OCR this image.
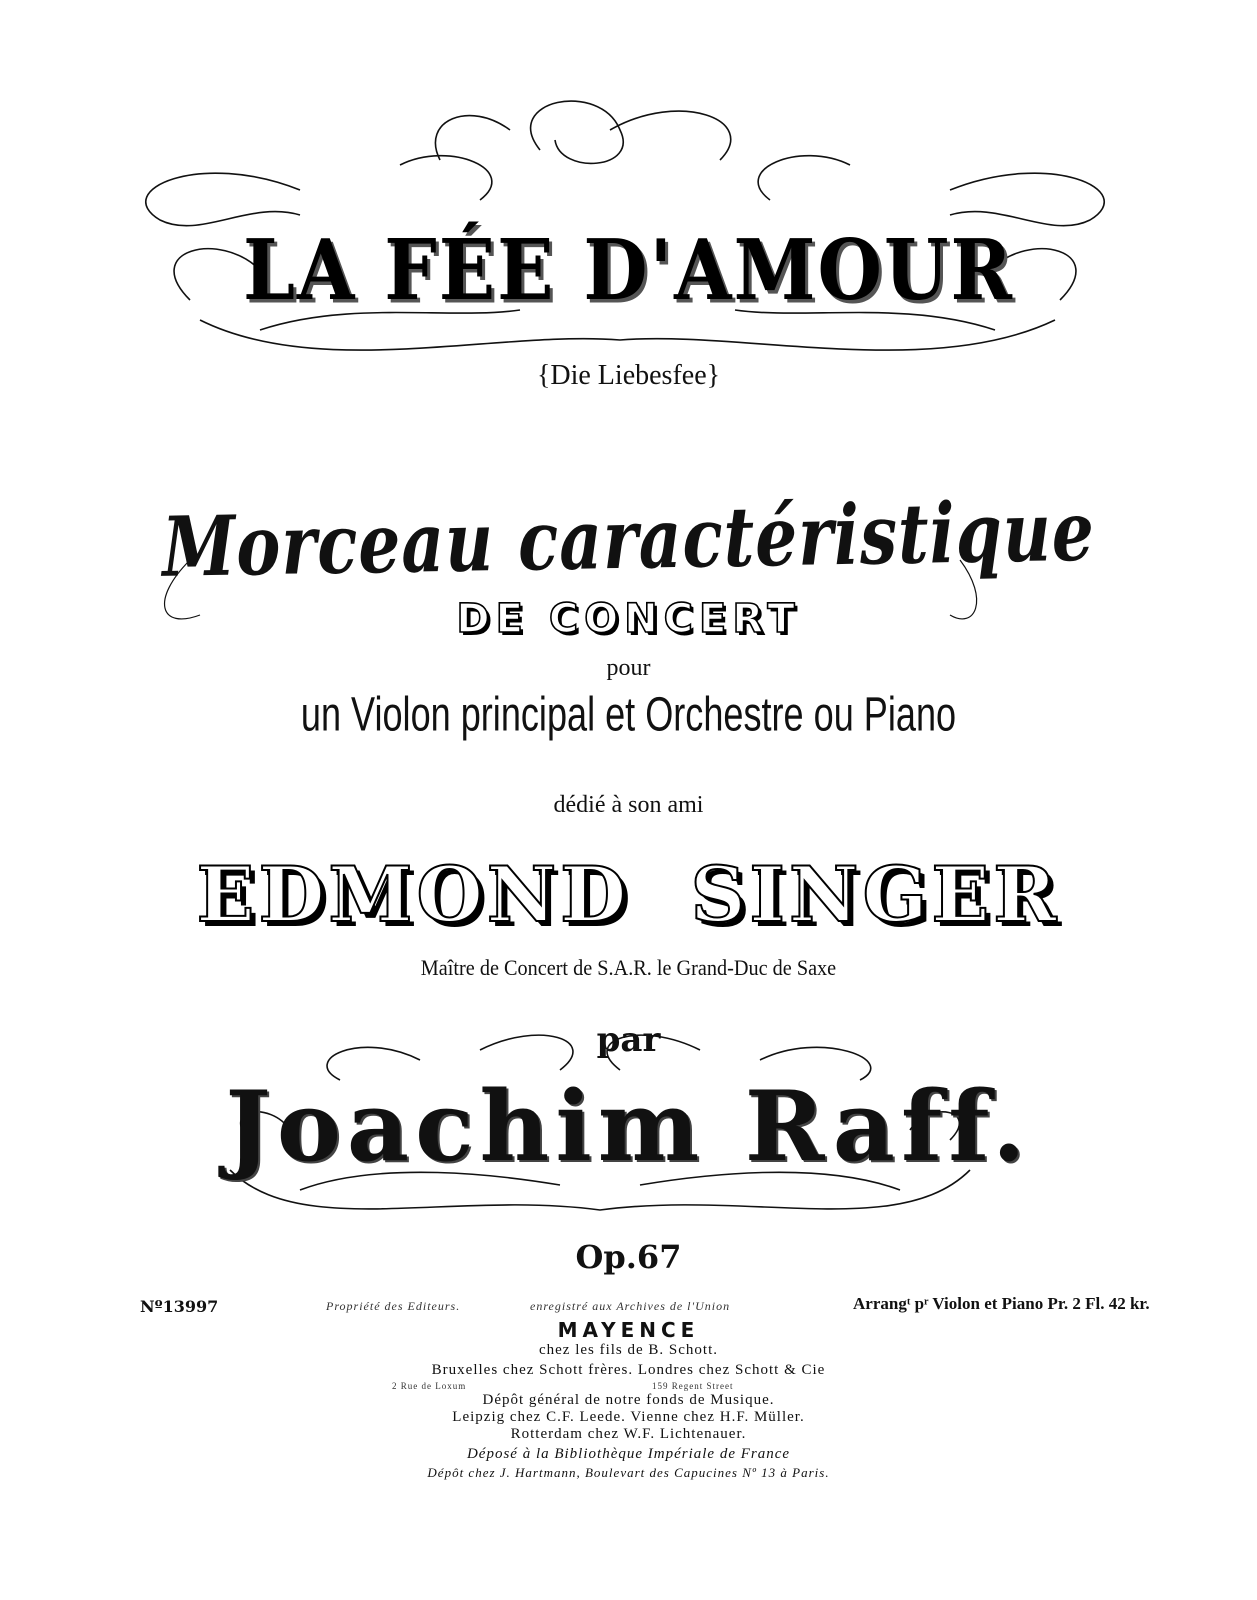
LA FÉE D'AMOUR
{Die Liebesfee}
Morceau caractéristique
DE CONCERT
pour
un Violon principal et Orchestre ou Piano
dédié à son ami
EDMOND SINGER
Maître de Concert de S.A.R. le Grand-Duc de Saxe
par
Joachim Raff.
Op.67
Nº13997	Propriété des Editeurs.	enregistré aux Archives de l'Union	Arrangᵗ pʳ Violon et Piano Pr. 2 Fl. 42 kr.
MAYENCE
chez les fils de B. Schott.
Bruxelles chez Schott frères. Londres chez Schott & Cie
2 Rue de Loxum	159 Regent Street
Dépôt général de notre fonds de Musique.
Leipzig chez C.F. Leede. Vienne chez H.F. Müller.
Rotterdam chez W.F. Lichtenauer.
Déposé à la Bibliothèque Impériale de France
Dépôt chez J. Hartmann, Boulevart des Capucines Nº 13 à Paris.
